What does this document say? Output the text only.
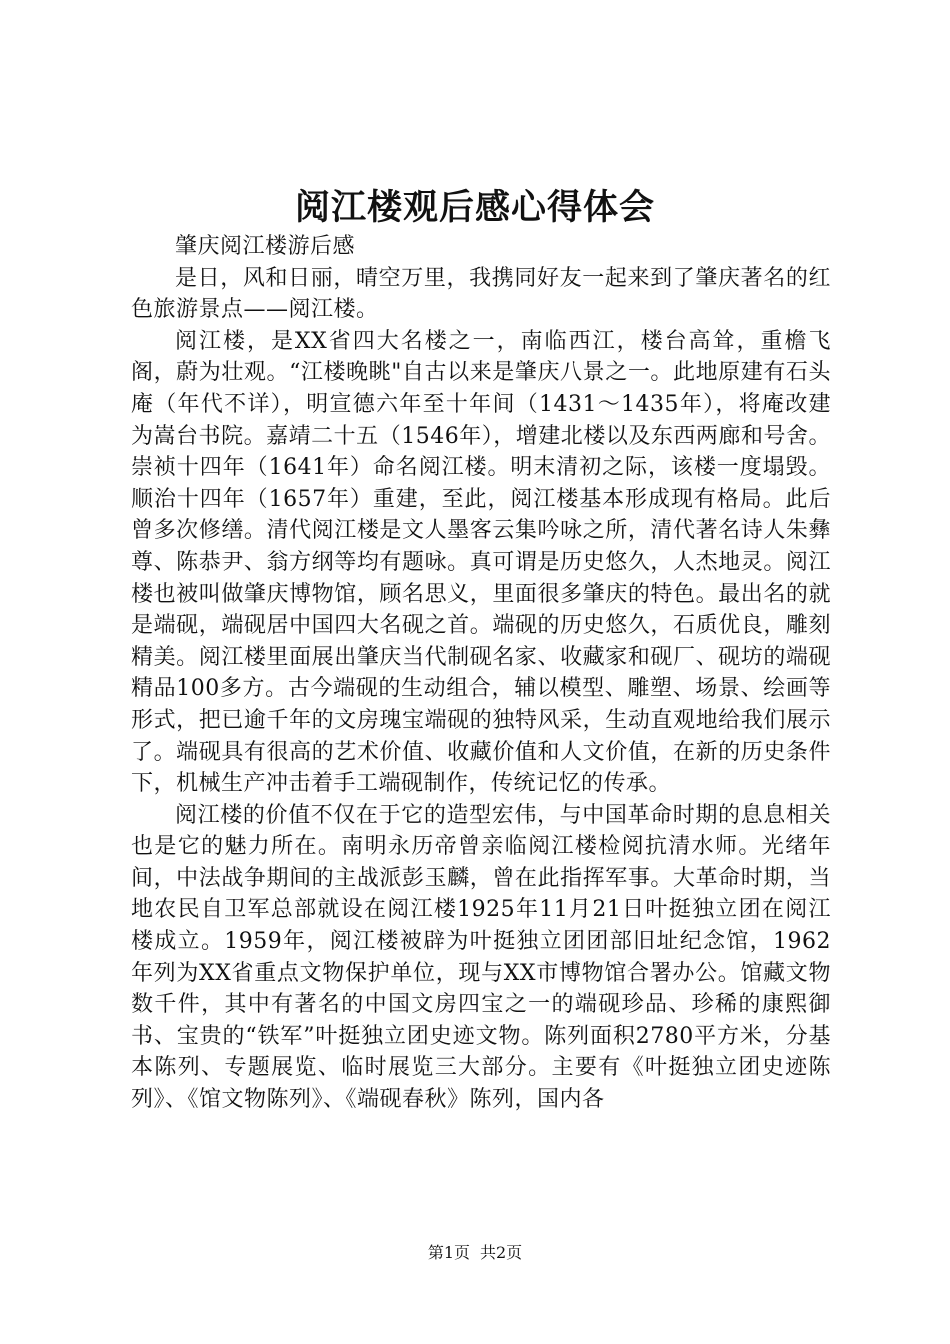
阅江楼观后感心得体会

肇庆阅江楼游后感

是日，风和日丽，晴空万里，我携同好友一起来到了肇庆著名的红色旅游景点——阅江楼。

阅江楼，是XX省四大名楼之一，南临西江，楼台高耸，重檐飞阁，蔚为壮观。“江楼晚眺"自古以来是肇庆八景之一。此地原建有石头庵（年代不详），明宣德六年至十年间（1431～1435年），将庵改建为嵩台书院。嘉靖二十五（1546年），增建北楼以及东西两廊和号舍。崇祯十四年（1641年）命名阅江楼。明末清初之际，该楼一度塌毁。顺治十四年（1657年）重建，至此，阅江楼基本形成现有格局。此后曾多次修缮。清代阅江楼是文人墨客云集吟咏之所，清代著名诗人朱彝尊、陈恭尹、翁方纲等均有题咏。真可谓是历史悠久，人杰地灵。阅江楼也被叫做肇庆博物馆，顾名思义，里面很多肇庆的特色。最出名的就是端砚，端砚居中国四大名砚之首。端砚的历史悠久，石质优良，雕刻精美。阅江楼里面展出肇庆当代制砚名家、收藏家和砚厂、砚坊的端砚精品100多方。古今端砚的生动组合，辅以模型、雕塑、场景、绘画等形式，把已逾千年的文房瑰宝端砚的独特风采，生动直观地给我们展示了。端砚具有很高的艺术价值、收藏价值和人文价值，在新的历史条件下，机械生产冲击着手工端砚制作，传统记忆的传承。

阅江楼的价值不仅在于它的造型宏伟，与中国革命时期的息息相关也是它的魅力所在。南明永历帝曾亲临阅江楼检阅抗清水师。光绪年间，中法战争期间的主战派彭玉麟，曾在此指挥军事。大革命时期，当地农民自卫军总部就设在阅江楼1925年11月21日叶挺独立团在阅江楼成立。1959年，阅江楼被辟为叶挺独立团团部旧址纪念馆，1962年列为XX省重点文物保护单位，现与XX市博物馆合署办公。馆藏文物数千件，其中有著名的中国文房四宝之一的端砚珍品、珍稀的康熙御书、宝贵的“铁军”叶挺独立团史迹文物。陈列面积2780平方米，分基本陈列、专题展览、临时展览三大部分。主要有《叶挺独立团史迹陈列》、《馆文物陈列》、《端砚春秋》陈列，国内各

第1页 共2页
